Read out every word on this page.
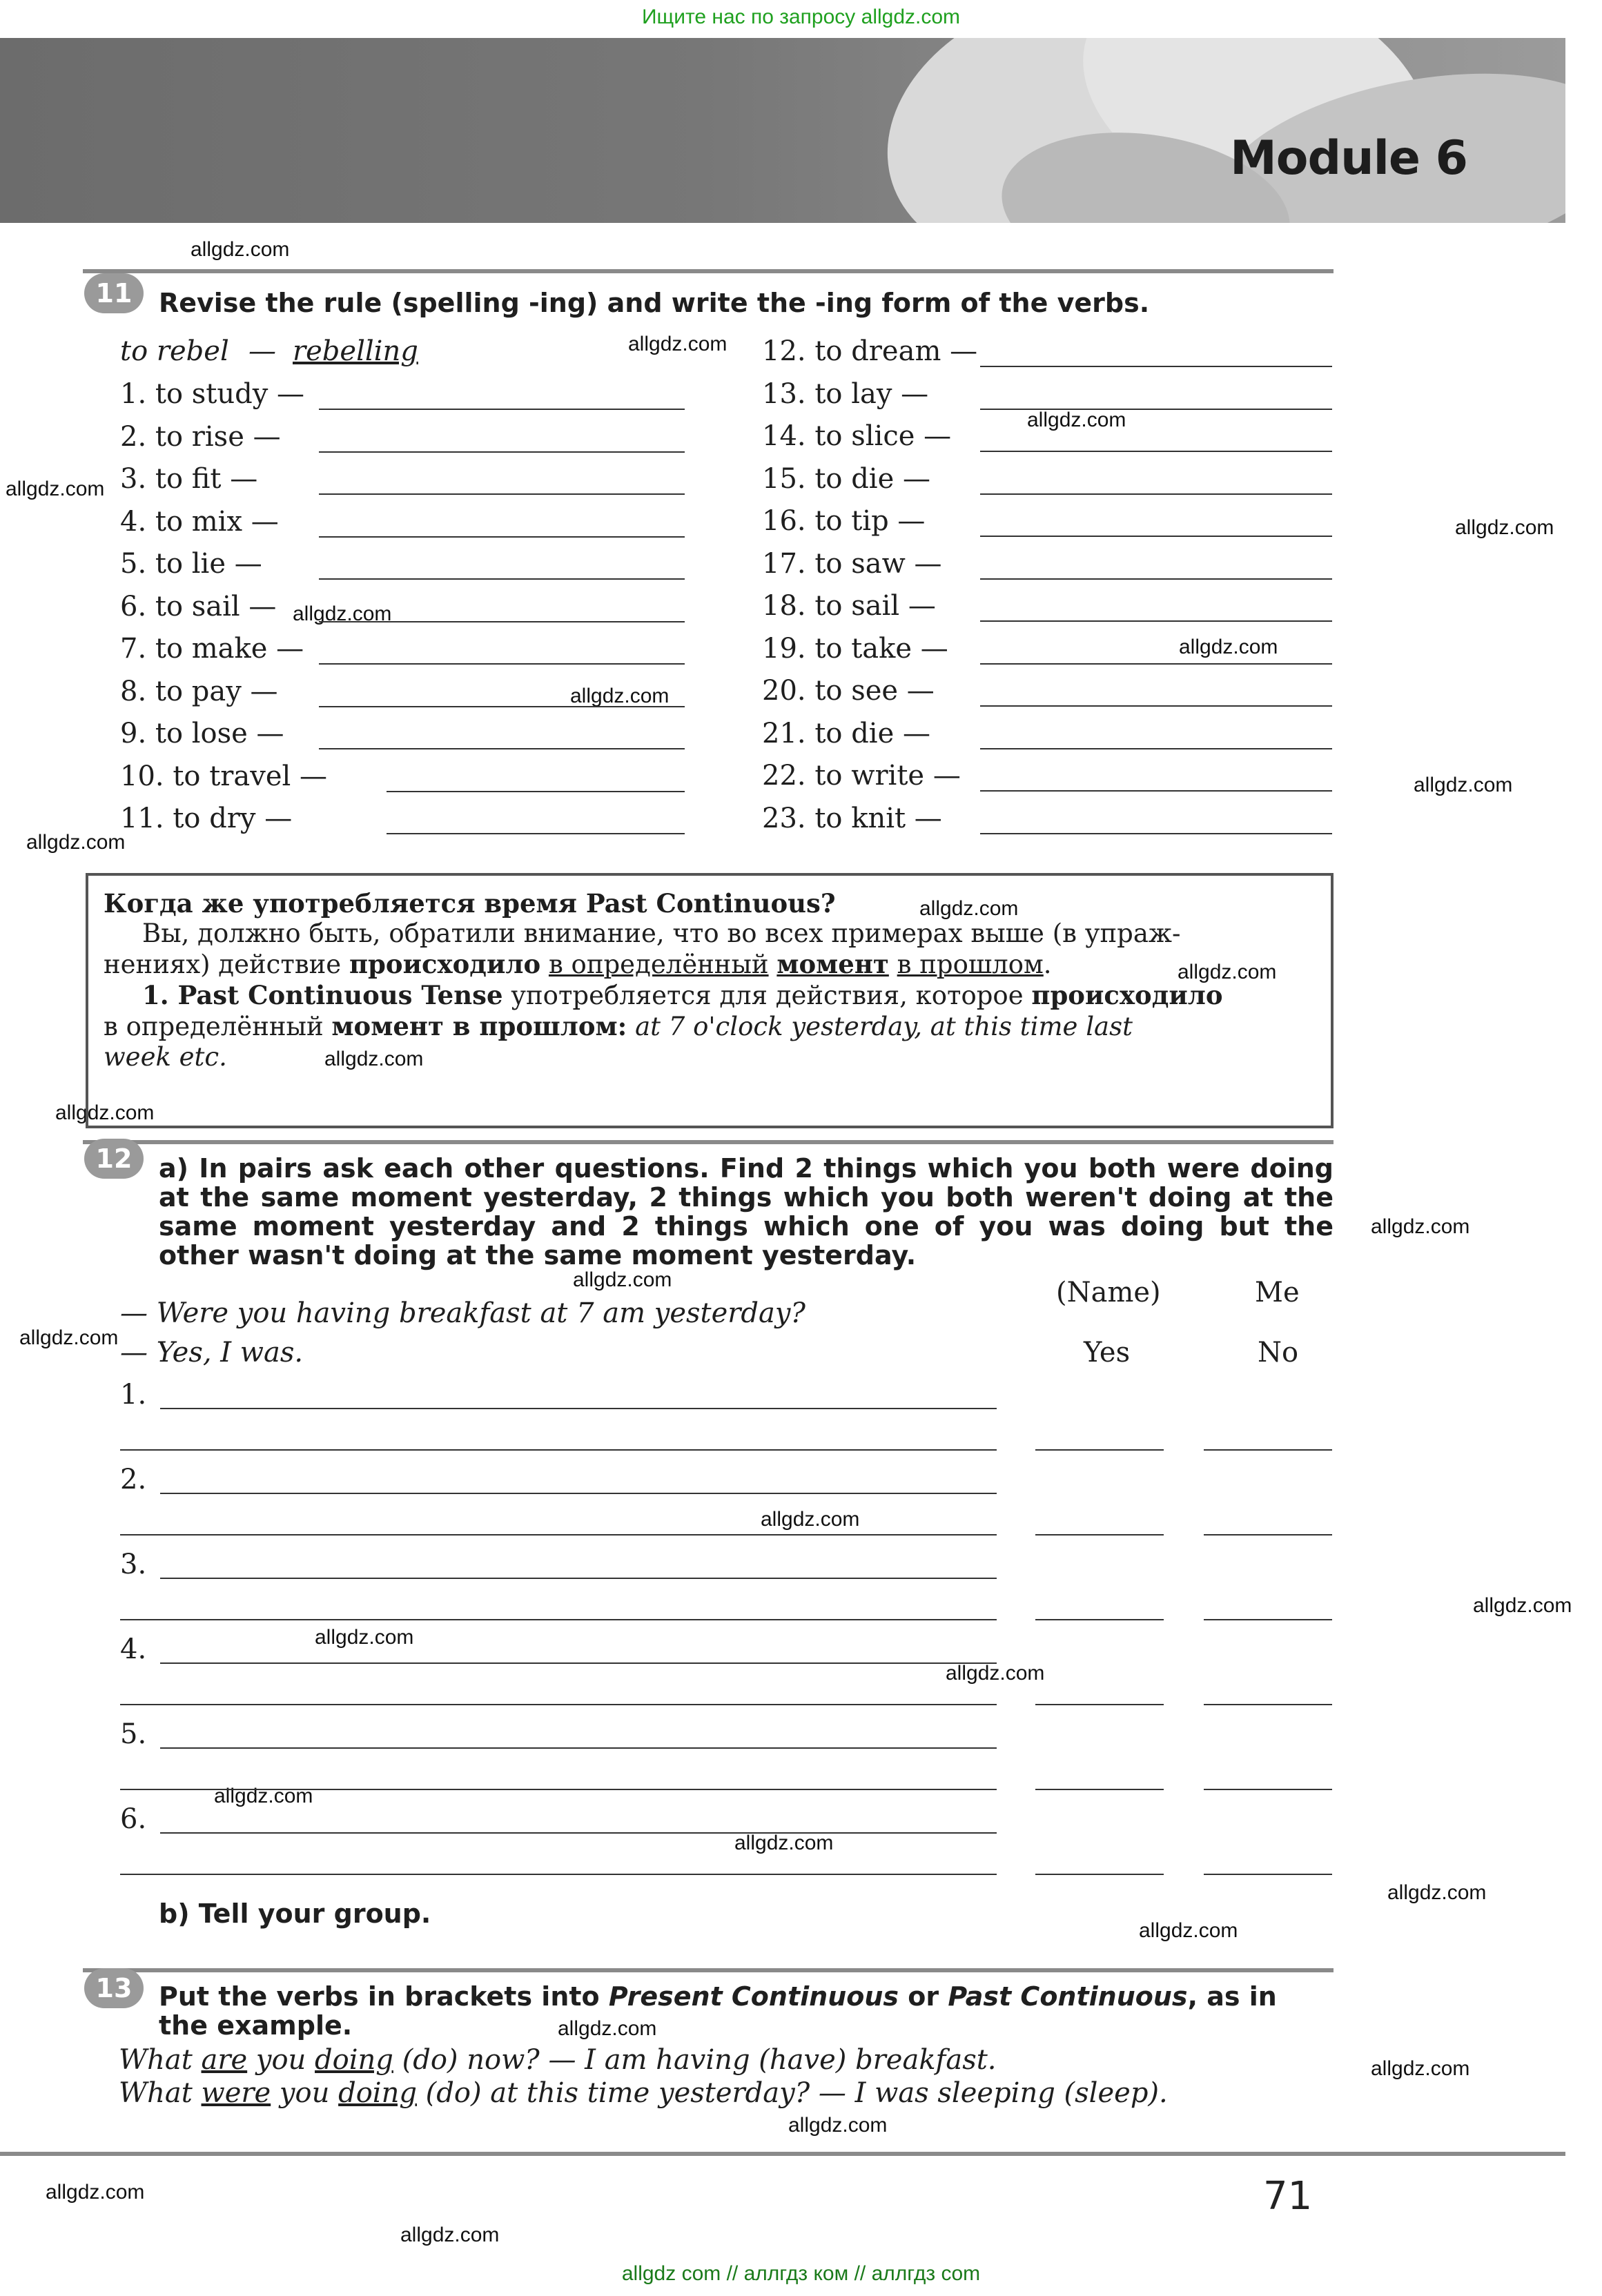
Ищите нас по запросу allgdz.com
Module 6
allgdz.com
allgdz.com
allgdz.com
allgdz.com
allgdz.com
allgdz.com
allgdz.com
allgdz.com
allgdz.com
allgdz.com
allgdz.com
allgdz.com
allgdz.com
allgdz.com
allgdz.com
allgdz.com
allgdz.com
allgdz.com
allgdz.com
allgdz.com
allgdz.com
allgdz.com
allgdz.com
allgdz.com
allgdz.com
allgdz.com
allgdz.com
allgdz.com
allgdz.com
allgdz.com
11	Revise the rule (spelling -ing) and write the -ing form of the verbs.
to rebel — rebelling
1. to study —
2. to rise —
3. to fit —
4. to mix —
5. to lie —
6. to sail —
7. to make —
8. to pay —
9. to lose —
10. to travel —
11. to dry —
12. to dream —
13. to lay —
14. to slice —
15. to die —
16. to tip —
17. to saw —
18. to sail —
19. to take —
20. to see —
21. to die —
22. to write —
23. to knit —

Когда же употребляется время Past Continuous?

Вы, должно быть, обратили внимание, что во всех примерах выше (в упраж-

нениях) действие происходило в определённый момент в прошлом.

1. Past Continuous Tense употребляется для действия, которое происходило

в определённый момент в прошлом: at 7 o'clock yesterday, at this time last

week etc.

12	a) In pairs ask each other questions. Find 2 things which you both were doing at the same moment yesterday, 2 things which you both weren't doing at the same moment yesterday and 2 things which one of you was doing but the other wasn't doing at the same moment yesterday.
— Were you having breakfast at 7 am yesterday?
— Yes, I was.
(Name)	Me
Yes	No
1.
2.
3.
4.
5.
6.
b) Tell your group.
13	Put the verbs in brackets into Present Continuous or Past Continuous, as in
the example.
What are you doing (do) now? — I am having (have) breakfast.
What were you doing (do) at this time yesterday? — I was sleeping (sleep).
71
allgdz com // аллгдз ком // аллгдз com
